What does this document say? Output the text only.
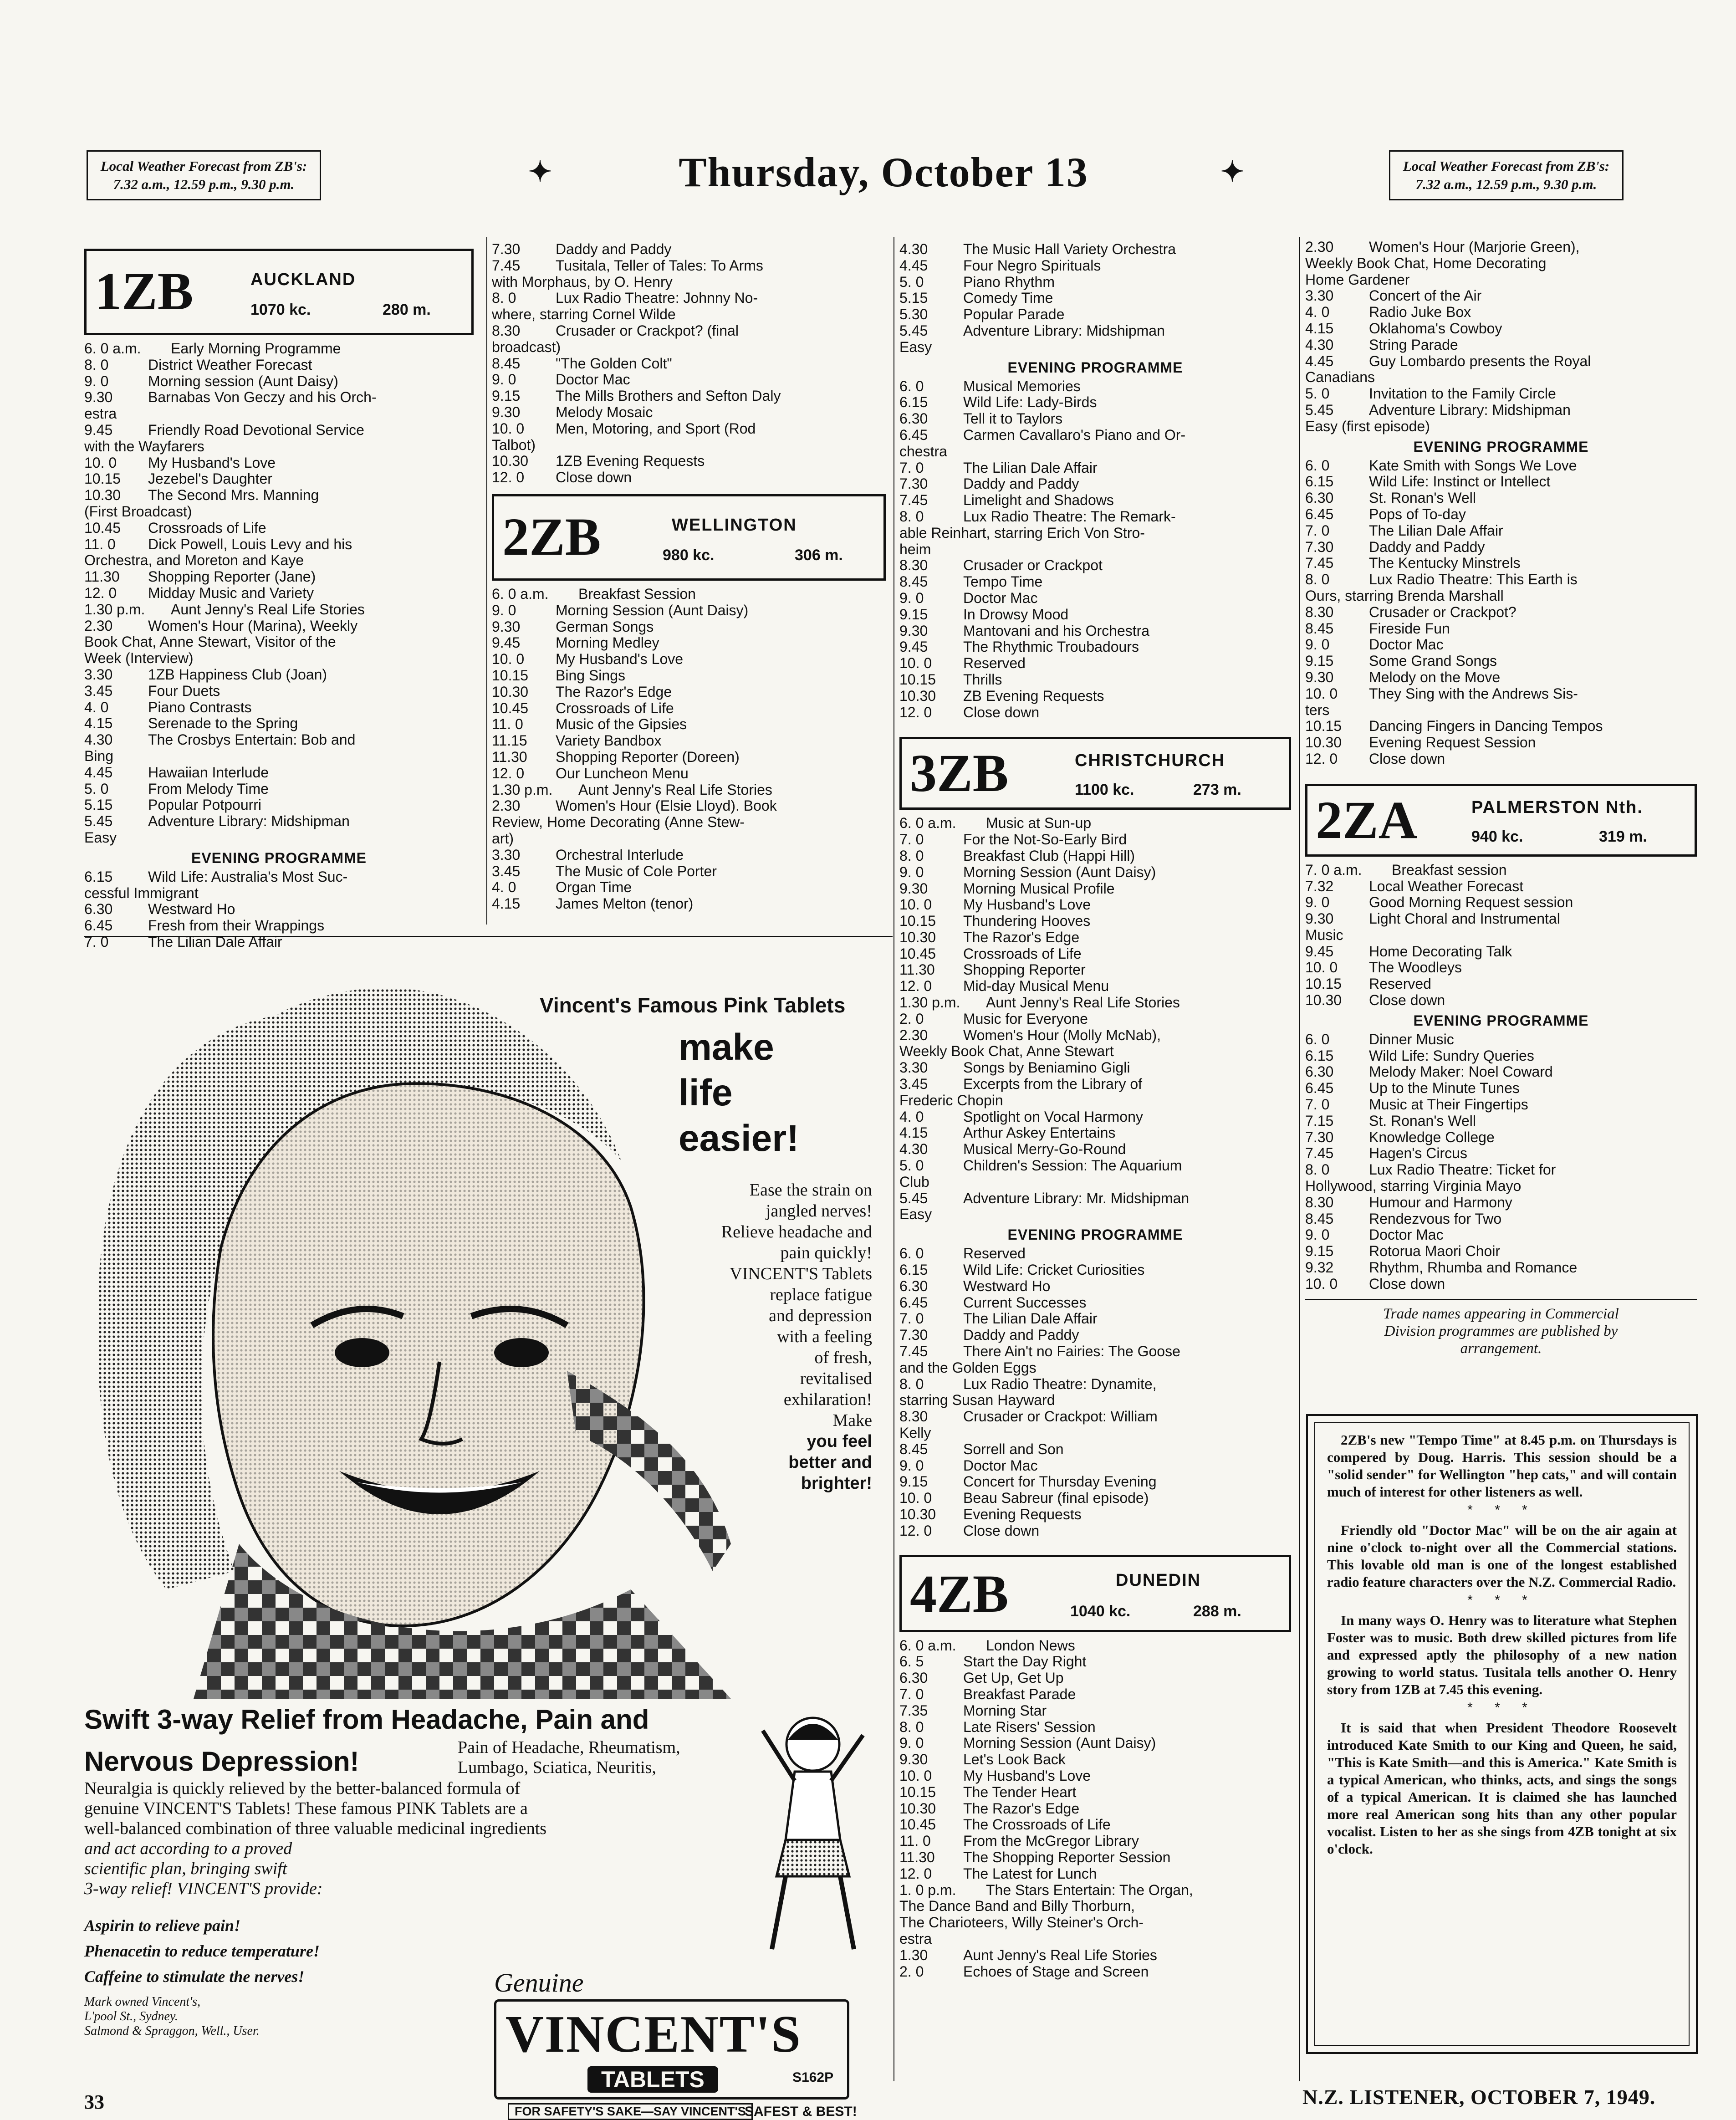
Local Weather Forecast from ZB's:
7.32 a.m., 12.59 p.m., 9.30 p.m.	✦	Thursday, October 13	✦	Local Weather Forecast from ZB's:
7.32 a.m., 12.59 p.m., 9.30 p.m.
1ZB	AUCKLAND
1070 kc.	280 m.
6. 0 a.m. Early Morning Programme
8. 0	District Weather Forecast
9. 0	Morning session (Aunt Daisy)
9.30 Barnabas Von Geczy and his Orch-
estra
9.45 Friendly Road Devotional Service
with the Wayfarers
10. 0 My Husband's Love
10.15 Jezebel's Daughter
10.30 The Second Mrs. Manning
(First Broadcast)
10.45 Crossroads of Life
11. 0 Dick Powell, Louis Levy and his
Orchestra, and Moreton and Kaye
11.30 Shopping Reporter (Jane)
12. 0 Midday Music and Variety
1.30 p.m. Aunt Jenny's Real Life Stories
2.30 Women's Hour (Marina), Weekly
Book Chat, Anne Stewart, Visitor of the
Week (Interview)
3.30 1ZB Happiness Club (Joan)
3.45 Four Duets
4. 0	Piano Contrasts
4.15 Serenade to the Spring
4.30 The Crosbys Entertain: Bob and
Bing
4.45 Hawaiian Interlude
5. 0	From Melody Time
5.15 Popular Potpourri
5.45 Adventure Library: Midshipman
Easy
EVENING PROGRAMME
6.15 Wild Life: Australia's Most Suc-
cessful Immigrant
6.30 Westward Ho
6.45 Fresh from their Wrappings
7. 0	The Lilian Dale Affair
7.30 Daddy and Paddy
7.45 Tusitala, Teller of Tales: To Arms
with Morphaus, by O. Henry
8. 0	Lux Radio Theatre: Johnny No-
where, starring Cornel Wilde
8.30 Crusader or Crackpot? (final
broadcast)
8.45 "The Golden Colt"
9. 0	Doctor Mac
9.15 The Mills Brothers and Sefton Daly
9.30 Melody Mosaic
10. 0 Men, Motoring, and Sport (Rod
Talbot)
10.30 1ZB Evening Requests
12. 0 Close down
2ZB	WELLINGTON
980 kc.	306 m.
6. 0 a.m. Breakfast Session
9. 0	Morning Session (Aunt Daisy)
9.30 German Songs
9.45 Morning Medley
10. 0 My Husband's Love
10.15 Bing Sings
10.30 The Razor's Edge
10.45 Crossroads of Life
11. 0 Music of the Gipsies
11.15 Variety Bandbox
11.30 Shopping Reporter (Doreen)
12. 0 Our Luncheon Menu
1.30 p.m. Aunt Jenny's Real Life Stories
2.30 Women's Hour (Elsie Lloyd). Book
Review, Home Decorating (Anne Stew-
art)
3.30 Orchestral Interlude
3.45 The Music of Cole Porter
4. 0	Organ Time
4.15 James Melton (tenor)
4.30 The Music Hall Variety Orchestra
4.45 Four Negro Spirituals
5. 0	Piano Rhythm
5.15 Comedy Time
5.30 Popular Parade
5.45 Adventure Library: Midshipman
Easy
EVENING PROGRAMME
6. 0	Musical Memories
6.15 Wild Life: Lady-Birds
6.30 Tell it to Taylors
6.45 Carmen Cavallaro's Piano and Or-
chestra
7. 0	The Lilian Dale Affair
7.30 Daddy and Paddy
7.45 Limelight and Shadows
8. 0	Lux Radio Theatre: The Remark-
able Reinhart, starring Erich Von Stro-
heim
8.30 Crusader or Crackpot
8.45 Tempo Time
9. 0	Doctor Mac
9.15 In Drowsy Mood
9.30 Mantovani and his Orchestra
9.45 The Rhythmic Troubadours
10. 0 Reserved
10.15 Thrills
10.30 ZB Evening Requests
12. 0 Close down
3ZB	CHRISTCHURCH
1100 kc.	273 m.
6. 0 a.m. Music at Sun-up
7. 0	For the Not-So-Early Bird
8. 0	Breakfast Club (Happi Hill)
9. 0	Morning Session (Aunt Daisy)
9.30 Morning Musical Profile
10. 0 My Husband's Love
10.15 Thundering Hooves
10.30 The Razor's Edge
10.45 Crossroads of Life
11.30 Shopping Reporter
12. 0 Mid-day Musical Menu
1.30 p.m. Aunt Jenny's Real Life Stories
2. 0	Music for Everyone
2.30 Women's Hour (Molly McNab),
Weekly Book Chat, Anne Stewart
3.30 Songs by Beniamino Gigli
3.45 Excerpts from the Library of
Frederic Chopin
4. 0	Spotlight on Vocal Harmony
4.15 Arthur Askey Entertains
4.30 Musical Merry-Go-Round
5. 0	Children's Session: The Aquarium
Club
5.45 Adventure Library: Mr. Midshipman
Easy
EVENING PROGRAMME
6. 0	Reserved
6.15 Wild Life: Cricket Curiosities
6.30 Westward Ho
6.45 Current Successes
7. 0	The Lilian Dale Affair
7.30 Daddy and Paddy
7.45 There Ain't no Fairies: The Goose
and the Golden Eggs
8. 0	Lux Radio Theatre: Dynamite,
starring Susan Hayward
8.30 Crusader or Crackpot: William
Kelly
8.45 Sorrell and Son
9. 0	Doctor Mac
9.15 Concert for Thursday Evening
10. 0 Beau Sabreur (final episode)
10.30 Evening Requests
12. 0 Close down
4ZB	DUNEDIN
1040 kc.	288 m.
6. 0 a.m. London News
6. 5	Start the Day Right
6.30 Get Up, Get Up
7. 0	Breakfast Parade
7.35 Morning Star
8. 0	Late Risers' Session
9. 0	Morning Session (Aunt Daisy)
9.30 Let's Look Back
10. 0 My Husband's Love
10.15 The Tender Heart
10.30 The Razor's Edge
10.45 The Crossroads of Life
11. 0 From the McGregor Library
11.30 The Shopping Reporter Session
12. 0 The Latest for Lunch
1. 0 p.m. The Stars Entertain: The Organ,
The Dance Band and Billy Thorburn,
The Charioteers, Willy Steiner's Orch-
estra
1.30 Aunt Jenny's Real Life Stories
2. 0	Echoes of Stage and Screen
2.30 Women's Hour (Marjorie Green),
Weekly Book Chat, Home Decorating
Home Gardener
3.30 Concert of the Air
4. 0	Radio Juke Box
4.15 Oklahoma's Cowboy
4.30 String Parade
4.45 Guy Lombardo presents the Royal
Canadians
5. 0	Invitation to the Family Circle
5.45 Adventure Library: Midshipman
Easy (first episode)
EVENING PROGRAMME
6. 0	Kate Smith with Songs We Love
6.15 Wild Life: Instinct or Intellect
6.30 St. Ronan's Well
6.45 Pops of To-day
7. 0	The Lilian Dale Affair
7.30 Daddy and Paddy
7.45 The Kentucky Minstrels
8. 0	Lux Radio Theatre: This Earth is
Ours, starring Brenda Marshall
8.30 Crusader or Crackpot?
8.45 Fireside Fun
9. 0	Doctor Mac
9.15 Some Grand Songs
9.30 Melody on the Move
10. 0 They Sing with the Andrews Sis-
ters
10.15 Dancing Fingers in Dancing Tempos
10.30 Evening Request Session
12. 0 Close down
2ZA	PALMERSTON Nth.
940 kc.	319 m.
7. 0 a.m. Breakfast session
7.32 Local Weather Forecast
9. 0	Good Morning Request session
9.30 Light Choral and Instrumental
Music
9.45 Home Decorating Talk
10. 0 The Woodleys
10.15 Reserved
10.30 Close down
EVENING PROGRAMME
6. 0	Dinner Music
6.15 Wild Life: Sundry Queries
6.30 Melody Maker: Noel Coward
6.45 Up to the Minute Tunes
7. 0	Music at Their Fingertips
7.15 St. Ronan's Well
7.30 Knowledge College
7.45 Hagen's Circus
8. 0	Lux Radio Theatre: Ticket for
Hollywood, starring Virginia Mayo
8.30 Humour and Harmony
8.45 Rendezvous for Two
9. 0	Doctor Mac
9.15 Rotorua Maori Choir
9.32 Rhythm, Rhumba and Romance
10. 0 Close down
Trade names appearing in Commercial
Division programmes are published by
arrangement.

2ZB's new "Tempo Time" at 8.45 p.m. on Thursdays is compered by Doug. Harris. This session should be a "solid sender" for Wellington "hep cats," and will contain much of interest for other listeners as well.

* * *

Friendly old "Doctor Mac" will be on the air again at nine o'clock to-night over all the Commercial stations. This lovable old man is one of the longest established radio feature characters over the N.Z. Commercial Radio.

* * *

In many ways O. Henry was to literature what Stephen Foster was to music. Both drew skilled pictures from life and expressed aptly the philosophy of a new nation growing to world status. Tusitala tells another O. Henry story from 1ZB at 7.45 this evening.

* * *

It is said that when President Theodore Roosevelt introduced Kate Smith to our King and Queen, he said, "This is Kate Smith—and this is America." Kate Smith is a typical American, who thinks, acts, and sings the songs of a typical American. It is claimed she has launched more real American song hits than any other popular vocalist. Listen to her as she sings from 4ZB tonight at six o'clock.

Vincent's Famous Pink Tablets
make
life
easier!
Ease the strain on
jangled nerves!
Relieve headache and
pain quickly!
VINCENT'S Tablets
replace fatigue
and depression
with a feeling
of fresh,
revitalised
exhilaration!
Make
you feel
better and
brighter!
Swift 3-way Relief from Headache, Pain and
Nervous Depression!	Pain of Headache, Rheumatism,
Lumbago, Sciatica, Neuritis,
Neuralgia is quickly relieved by the better-balanced formula of
genuine VINCENT'S Tablets! These famous PINK Tablets are a
well-balanced combination of three valuable medicinal ingredients
and act according to a proved
scientific plan, bringing swift
3-way relief! VINCENT'S provide:
Aspirin to relieve pain!
Phenacetin to reduce temperature!
Caffeine to stimulate the nerves!
Mark owned Vincent's,
L'pool St., Sydney.
Salmond & Spraggon, Well., User.
Genuine
VINCENT'S
TABLETS	S162P
FOR SAFETY'S SAKE—SAY VINCENT'S
SAFEST & BEST!
33	N.Z. LISTENER, OCTOBER 7, 1949.
